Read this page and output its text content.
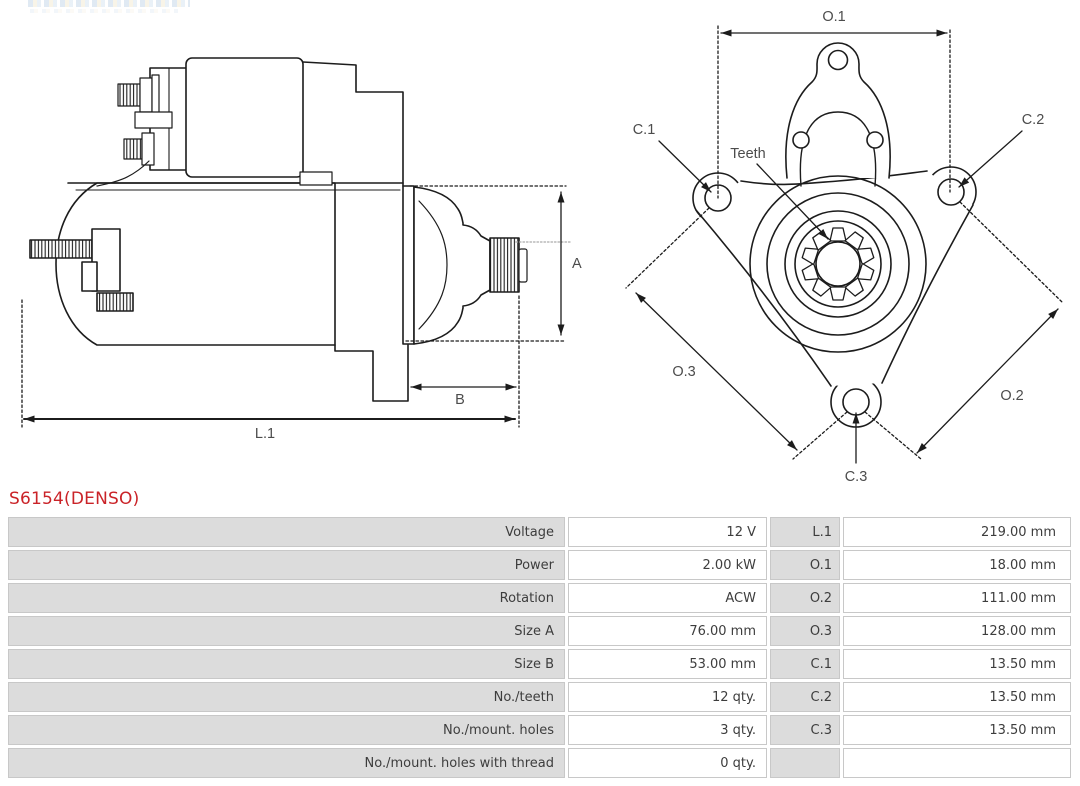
A
B
L.1
O.1
C.1
C.2
Teeth
O.3
O.2
C.3
S6154(DENSO)
Voltage	12 V	L.1	219.00 mm
Power	2.00 kW	O.1	18.00 mm
Rotation	ACW	O.2	111.00 mm
Size A	76.00 mm	O.3	128.00 mm
Size B	53.00 mm	C.1	13.50 mm
No./teeth	12 qty.	C.2	13.50 mm
No./mount. holes	3 qty.	C.3	13.50 mm
No./mount. holes with thread	0 qty.
